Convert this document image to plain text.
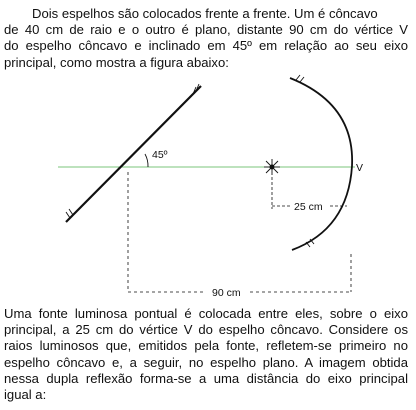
Dois espelhos são colocados frente a frente. Um é côncavo
de 40 cm de raio e o outro é plano, distante 90 cm do vértice V
do espelho côncavo e inclinado em 45º em relação ao seu eixo
principal, como mostra a figura abaixo:
45º
V
25 cm
90 cm
Uma fonte luminosa pontual é colocada entre eles, sobre o eixo
principal, a 25 cm do vértice V do espelho côncavo. Considere os
raios luminosos que, emitidos pela fonte, refletem-se primeiro no
espelho côncavo e, a seguir, no espelho plano. A imagem obtida
nessa dupla reflexão forma-se a uma distância do eixo principal
igual a:
